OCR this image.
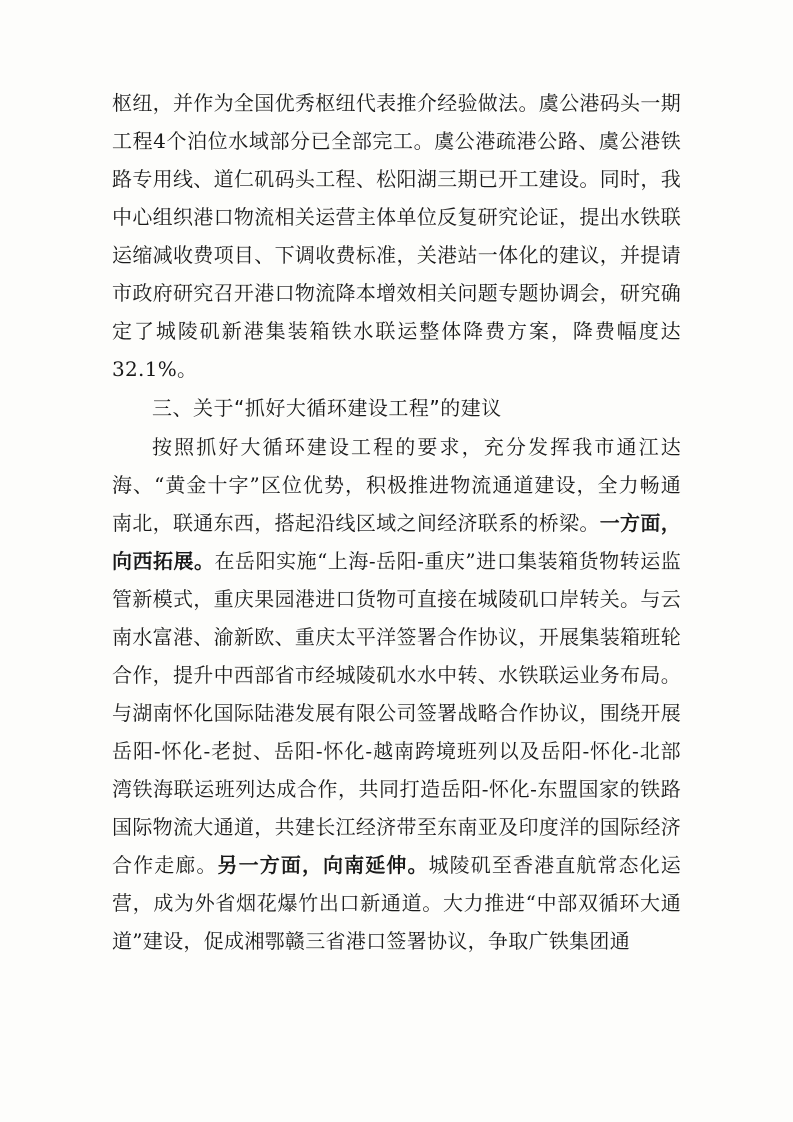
枢纽，并作为全国优秀枢纽代表推介经验做法。虞公港码头一期工程4个泊位水域部分已全部完工。虞公港疏港公路、虞公港铁路专用线、道仁矶码头工程、松阳湖三期已开工建设。同时，我中心组织港口物流相关运营主体单位反复研究论证，提出水铁联运缩减收费项目、下调收费标准，关港站一体化的建议，并提请市政府研究召开港口物流降本增效相关问题专题协调会，研究确定了城陵矶新港集装箱铁水联运整体降费方案，降费幅度达32.1%。

三、关于“抓好大循环建设工程”的建议

按照抓好大循环建设工程的要求，充分发挥我市通江达海、“黄金十字”区位优势，积极推进物流通道建设，全力畅通南北，联通东西，搭起沿线区域之间经济联系的桥梁。一方面，向西拓展。在岳阳实施“上海-岳阳-重庆”进口集装箱货物转运监管新模式，重庆果园港进口货物可直接在城陵矶口岸转关。与云南水富港、渝新欧、重庆太平洋签署合作协议，开展集装箱班轮合作，提升中西部省市经城陵矶水水中转、水铁联运业务布局。与湖南怀化国际陆港发展有限公司签署战略合作协议，围绕开展岳阳-怀化-老挝、岳阳-怀化-越南跨境班列以及岳阳-怀化-北部湾铁海联运班列达成合作，共同打造岳阳-怀化-东盟国家的铁路国际物流大通道，共建长江经济带至东南亚及印度洋的国际经济合作走廊。另一方面，向南延伸。城陵矶至香港直航常态化运营，成为外省烟花爆竹出口新通道。大力推进“中部双循环大通道”建设，促成湘鄂赣三省港口签署协议，争取广铁集团通
